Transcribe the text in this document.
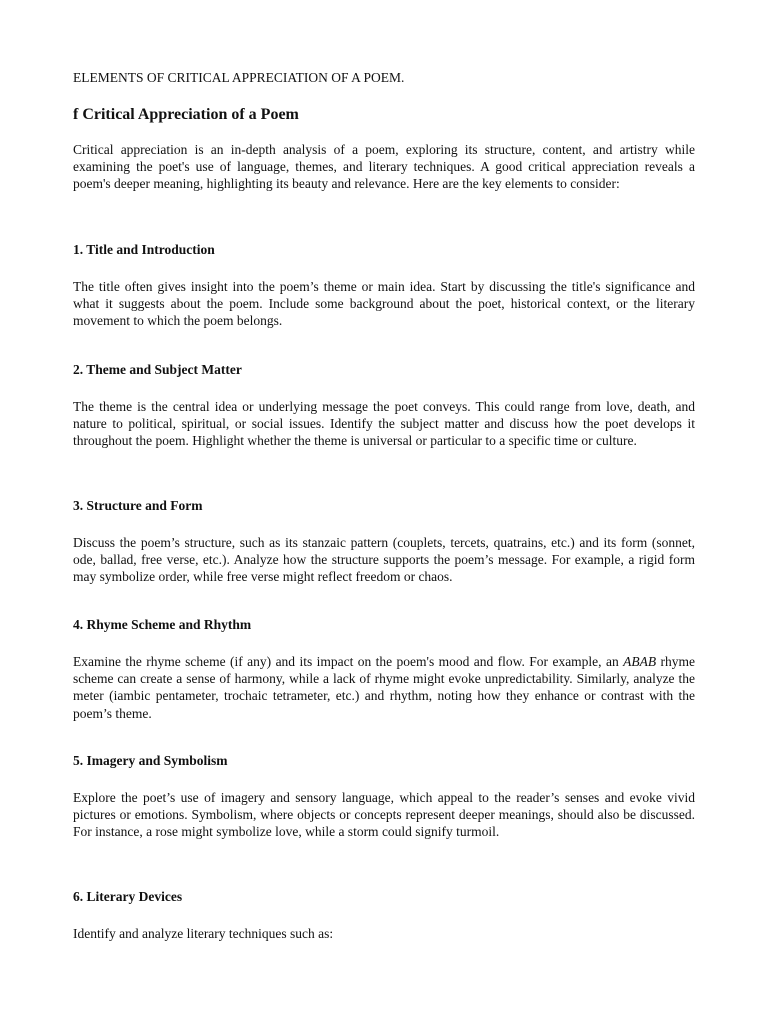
ELEMENTS OF CRITICAL APPRECIATION OF A POEM.
f Critical Appreciation of a Poem

Critical appreciation is an in-depth analysis of a poem, exploring its structure, content, and artistry while examining the poet's use of language, themes, and literary techniques. A good critical appreciation reveals a poem's deeper meaning, highlighting its beauty and relevance. Here are the key elements to consider:

1. Title and Introduction

The title often gives insight into the poem’s theme or main idea. Start by discussing the title's significance and what it suggests about the poem. Include some background about the poet, historical context, or the literary movement to which the poem belongs.

2. Theme and Subject Matter

The theme is the central idea or underlying message the poet conveys. This could range from love, death, and nature to political, spiritual, or social issues. Identify the subject matter and discuss how the poet develops it throughout the poem. Highlight whether the theme is universal or particular to a specific time or culture.

3. Structure and Form

Discuss the poem’s structure, such as its stanzaic pattern (couplets, tercets, quatrains, etc.) and its form (sonnet, ode, ballad, free verse, etc.). Analyze how the structure supports the poem’s message. For example, a rigid form may symbolize order, while free verse might reflect freedom or chaos.

4. Rhyme Scheme and Rhythm

Examine the rhyme scheme (if any) and its impact on the poem's mood and flow. For example, an ABAB rhyme scheme can create a sense of harmony, while a lack of rhyme might evoke unpredictability. Similarly, analyze the meter (iambic pentameter, trochaic tetrameter, etc.) and rhythm, noting how they enhance or contrast with the poem’s theme.

5. Imagery and Symbolism

Explore the poet’s use of imagery and sensory language, which appeal to the reader’s senses and evoke vivid pictures or emotions. Symbolism, where objects or concepts represent deeper meanings, should also be discussed. For instance, a rose might symbolize love, while a storm could signify turmoil.

6. Literary Devices

Identify and analyze literary techniques such as:
